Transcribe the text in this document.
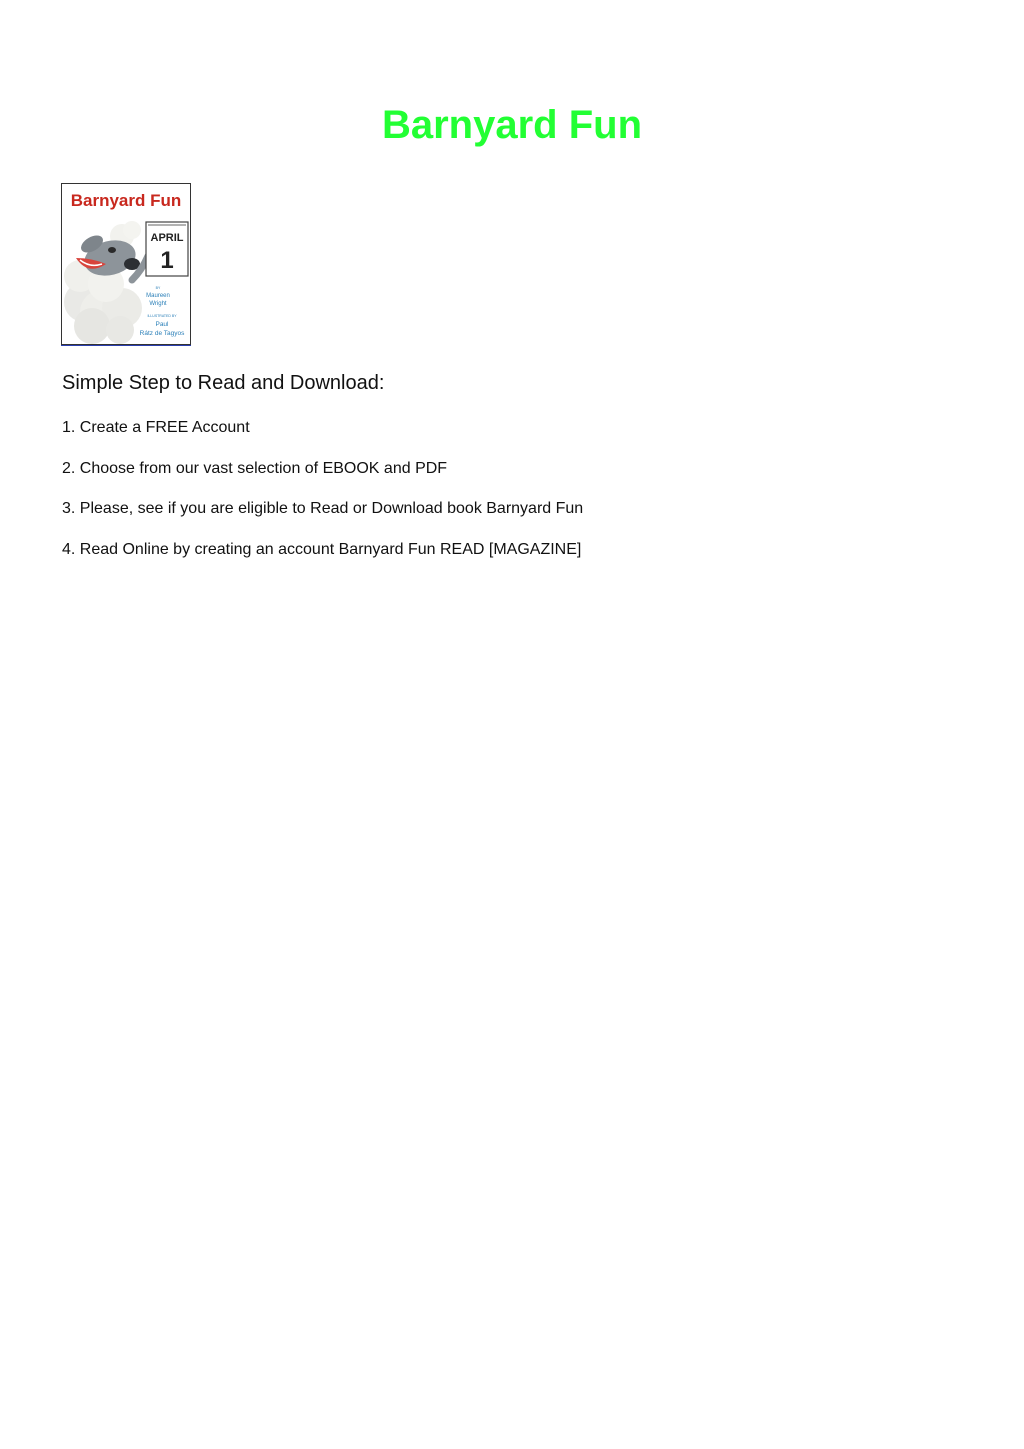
Barnyard Fun
Barnyard Fun
APRIL
1
BY
Maureen
Wright
ILLUSTRATED BY
Paul
Rátz de Tagyos
Simple Step to Read and Download:
1. Create a FREE Account
2. Choose from our vast selection of EBOOK and PDF
3. Please, see if you are eligible to Read or Download book Barnyard Fun
4. Read Online by creating an account Barnyard Fun READ [MAGAZINE]
